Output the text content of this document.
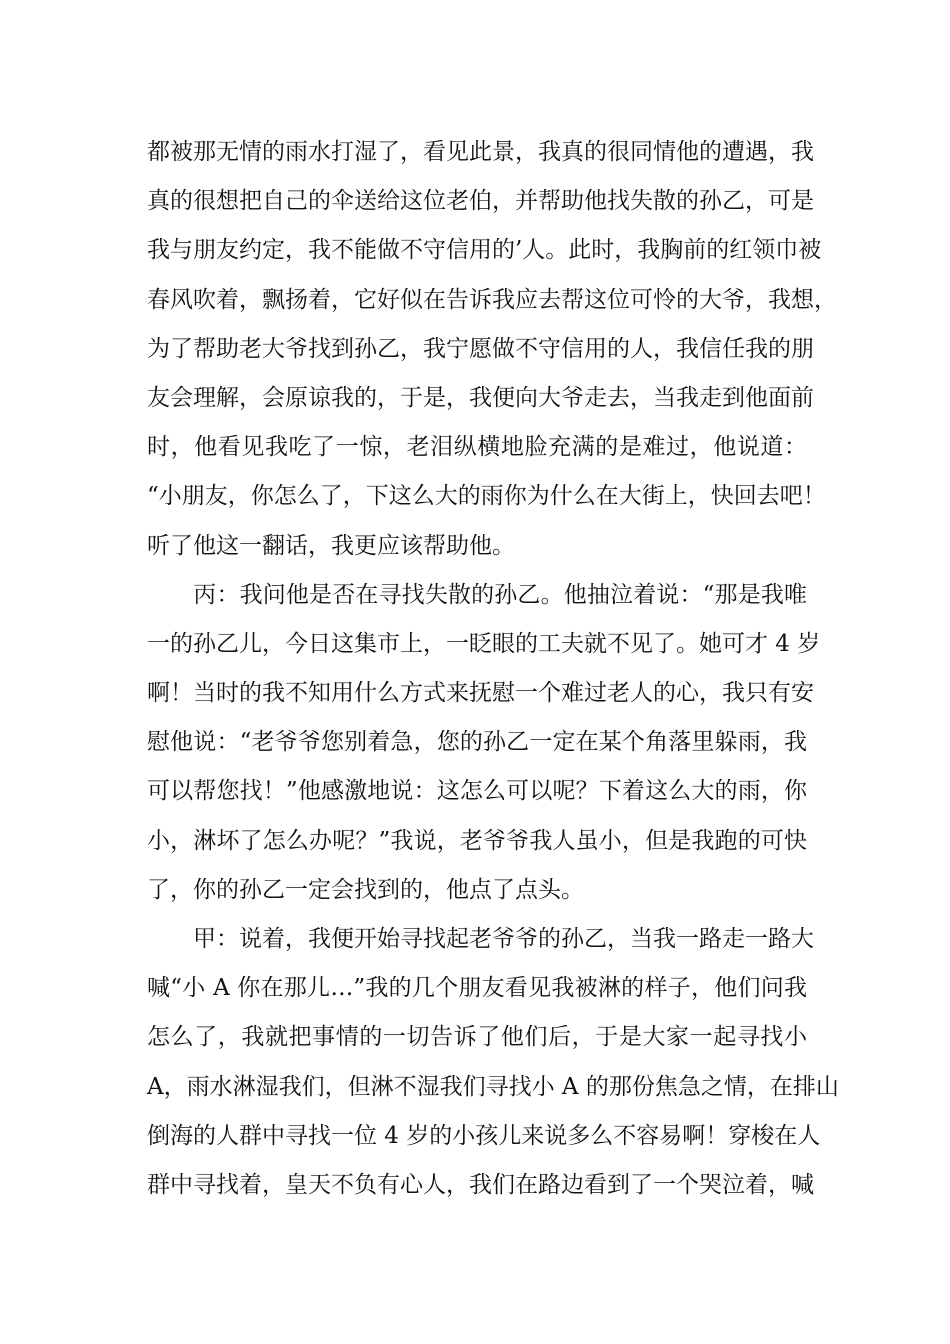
都被那无情的雨水打湿了，看见此景，我真的很同情他的遭遇，我
真的很想把自己的伞送给这位老伯，并帮助他找失散的孙乙，可是
我与朋友约定，我不能做不守信用的’人。此时，我胸前的红领巾被
春风吹着，飘扬着，它好似在告诉我应去帮这位可怜的大爷，我想，
为了帮助老大爷找到孙乙，我宁愿做不守信用的人，我信任我的朋
友会理解，会原谅我的，于是，我便向大爷走去，当我走到他面前
时，他看见我吃了一惊，老泪纵横地脸充满的是难过，他说道：
“小朋友，你怎么了，下这么大的雨你为什么在大街上，快回去吧！
听了他这一翻话，我更应该帮助他。
　　丙：我问他是否在寻找失散的孙乙。他抽泣着说：“那是我唯
一的孙乙儿，今日这集市上，一眨眼的工夫就不见了。她可才 4 岁
啊！当时的我不知用什么方式来抚慰一个难过老人的心，我只有安
慰他说：“老爷爷您别着急，您的孙乙一定在某个角落里躲雨，我
可以帮您找！”他感激地说：这怎么可以呢？下着这么大的雨，你
小，淋坏了怎么办呢？”我说，老爷爷我人虽小，但是我跑的可快
了，你的孙乙一定会找到的，他点了点头。
　　甲：说着，我便开始寻找起老爷爷的孙乙，当我一路走一路大
喊“小 A 你在那儿…”我的几个朋友看见我被淋的样子，他们问我
怎么了，我就把事情的一切告诉了他们后，于是大家一起寻找小
A，雨水淋湿我们，但淋不湿我们寻找小 A 的那份焦急之情，在排山
倒海的人群中寻找一位 4 岁的小孩儿来说多么不容易啊！穿梭在人
群中寻找着，皇天不负有心人，我们在路边看到了一个哭泣着，喊
